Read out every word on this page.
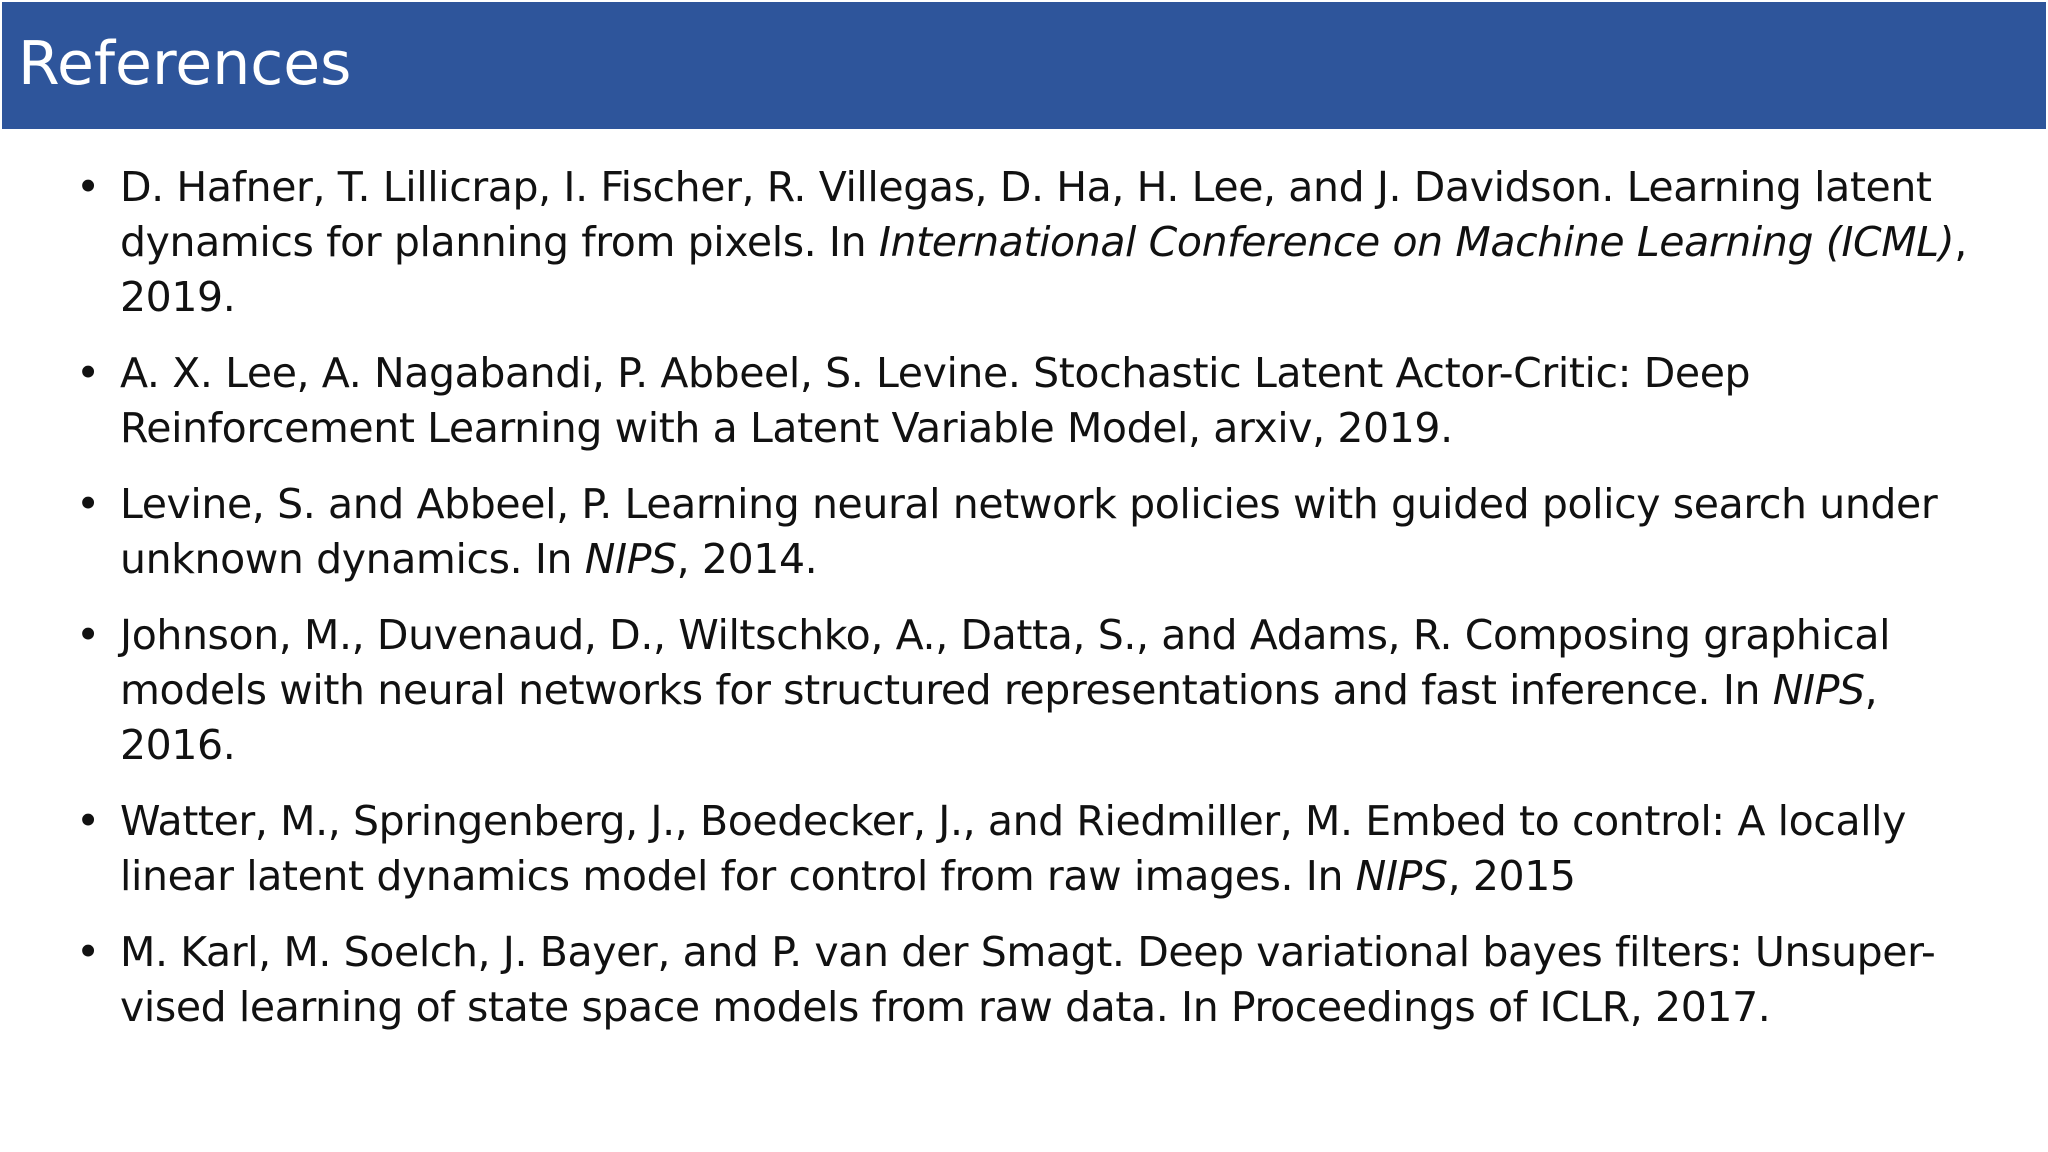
References
• D. Hafner, T. Lillicrap, I. Fischer, R. Villegas, D. Ha, H. Lee, and J. Davidson. Learning latent dynamics for planning from pixels. In International Conference on Machine Learning (ICML), 2019.
• A. X. Lee, A. Nagabandi, P. Abbeel, S. Levine. Stochastic Latent Actor-Critic: Deep Reinforcement Learning with a Latent Variable Model, arxiv, 2019.
• Levine, S. and Abbeel, P. Learning neural network policies with guided policy search under unknown dynamics. In NIPS, 2014.
• Johnson, M., Duvenaud, D., Wiltschko, A., Datta, S., and Adams, R. Composing graphical models with neural networks for structured representations and fast inference. In NIPS, 2016.
• Watter, M., Springenberg, J., Boedecker, J., and Riedmiller, M. Embed to control: A locally linear latent dynamics model for control from raw images. In NIPS, 2015
• M. Karl, M. Soelch, J. Bayer, and P. van der Smagt. Deep variational bayes filters: Unsuper-vised learning of state space models from raw data. In Proceedings of ICLR, 2017.
